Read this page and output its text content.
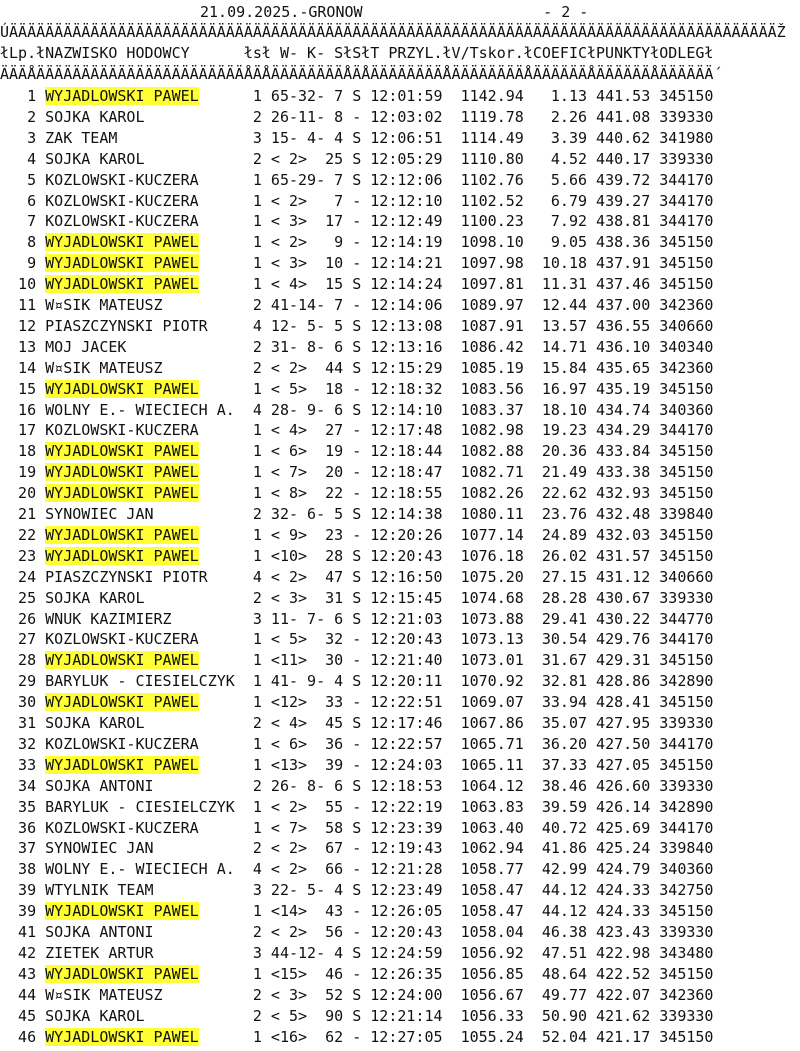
21.09.2025.-GRONOW                    - 2 -
ÚÄÄÄÄÄÄÄÄÄÄÄÄÄÄÄÄÄÄÄÄÄÄÄÄÄÄÄÄÄÄÄÄÄÄÄÄÄÄÄÄÄÄÄÄÄÄÄÄÄÄÄÄÄÄÄÄÄÄÄÄÄÄÄÄÄÄÄÄÄÄÄÄÄÄÄÄÄÄÄÄÄÄÄÄÄŽ
łLp.łNAZWISKO HODOWCY      łsł W- K- SłSłT PRZYL.łV/Tskor.łCOEFICłPUNKTYłODLEGł
ÄÄÄÅÄÄÄÄÄÄÄÄÄÄÄÄÄÄÄÄÄÄÄÄÄÄÄÅÄÅÄÄÄÄÄÄÄÄÅÄÅÄÄÄÄÄÄÄÄÅÄÄÄÄÄÄÄÄÅÄÄÄÄÄÄÅÄÄÄÄÄÄÅÄÄÄÄÄÄ´
1 WYJADLOWSKI PAWEL	1 65-32- 7 S 12:01:59  1142.94   1.13 441.53 345150
2 SOJKA KAROL	2 26-11- 8 - 12:03:02  1119.78   2.26 441.08 339330
3 ZAK TEAM	3 15- 4- 4 S 12:06:51  1114.49   3.39 440.62 341980
4 SOJKA KAROL	2 < 2>  25 S 12:05:29  1110.80   4.52 440.17 339330
5 KOZLOWSKI-KUCZERA	1 65-29- 7 S 12:12:06  1102.76   5.66 439.72 344170
6 KOZLOWSKI-KUCZERA	1 < 2>   7 - 12:12:10  1102.52   6.79 439.27 344170
7 KOZLOWSKI-KUCZERA	1 < 3>  17 - 12:12:49  1100.23   7.92 438.81 344170
8 WYJADLOWSKI PAWEL	1 < 2>   9 - 12:14:19  1098.10   9.05 438.36 345150
9 WYJADLOWSKI PAWEL	1 < 3>  10 - 12:14:21  1097.98  10.18 437.91 345150
10 WYJADLOWSKI PAWEL	1 < 4>  15 S 12:14:24  1097.81  11.31 437.46 345150
11 W¤SIK MATEUSZ	2 41-14- 7 - 12:14:06  1089.97  12.44 437.00 342360
12 PIASZCZYNSKI PIOTR	4 12- 5- 5 S 12:13:08  1087.91  13.57 436.55 340660
13 MOJ JACEK	2 31- 8- 6 S 12:13:16  1086.42  14.71 436.10 340340
14 W¤SIK MATEUSZ	2 < 2>  44 S 12:15:29  1085.19  15.84 435.65 342360
15 WYJADLOWSKI PAWEL	1 < 5>  18 - 12:18:32  1083.56  16.97 435.19 345150
16 WOLNY E.- WIECIECH A. 4 28- 9- 6 S 12:14:10  1083.37  18.10 434.74 340360
17 KOZLOWSKI-KUCZERA	1 < 4>  27 - 12:17:48  1082.98  19.23 434.29 344170
18 WYJADLOWSKI PAWEL	1 < 6>  19 - 12:18:44  1082.88  20.36 433.84 345150
19 WYJADLOWSKI PAWEL	1 < 7>  20 - 12:18:47  1082.71  21.49 433.38 345150
20 WYJADLOWSKI PAWEL	1 < 8>  22 - 12:18:55  1082.26  22.62 432.93 345150
21 SYNOWIEC JAN	2 32- 6- 5 S 12:14:38  1080.11  23.76 432.48 339840
22 WYJADLOWSKI PAWEL	1 < 9>  23 - 12:20:26  1077.14  24.89 432.03 345150
23 WYJADLOWSKI PAWEL	1 <10>  28 S 12:20:43  1076.18  26.02 431.57 345150
24 PIASZCZYNSKI PIOTR	4 < 2>  47 S 12:16:50  1075.20  27.15 431.12 340660
25 SOJKA KAROL	2 < 3>  31 S 12:15:45  1074.68  28.28 430.67 339330
26 WNUK KAZIMIERZ	3 11- 7- 6 S 12:21:03  1073.88  29.41 430.22 344770
27 KOZLOWSKI-KUCZERA	1 < 5>  32 - 12:20:43  1073.13  30.54 429.76 344170
28 WYJADLOWSKI PAWEL	1 <11>  30 - 12:21:40  1073.01  31.67 429.31 345150
29 BARYLUK - CIESIELCZYK 1 41- 9- 4 S 12:20:11  1070.92  32.81 428.86 342890
30 WYJADLOWSKI PAWEL	1 <12>  33 - 12:22:51  1069.07  33.94 428.41 345150
31 SOJKA KAROL	2 < 4>  45 S 12:17:46  1067.86  35.07 427.95 339330
32 KOZLOWSKI-KUCZERA	1 < 6>  36 - 12:22:57  1065.71  36.20 427.50 344170
33 WYJADLOWSKI PAWEL	1 <13>  39 - 12:24:03  1065.11  37.33 427.05 345150
34 SOJKA ANTONI	2 26- 8- 6 S 12:18:53  1064.12  38.46 426.60 339330
35 BARYLUK - CIESIELCZYK 1 < 2>  55 - 12:22:19  1063.83  39.59 426.14 342890
36 KOZLOWSKI-KUCZERA	1 < 7>  58 S 12:23:39  1063.40  40.72 425.69 344170
37 SYNOWIEC JAN	2 < 2>  67 - 12:19:43  1062.94  41.86 425.24 339840
38 WOLNY E.- WIECIECH A. 4 < 2>  66 - 12:21:28  1058.77  42.99 424.79 340360
39 WTYLNIK TEAM	3 22- 5- 4 S 12:23:49  1058.47  44.12 424.33 342750
39 WYJADLOWSKI PAWEL	1 <14>  43 - 12:26:05  1058.47  44.12 424.33 345150
41 SOJKA ANTONI	2 < 2>  56 - 12:20:43  1058.04  46.38 423.43 339330
42 ZIETEK ARTUR	3 44-12- 4 S 12:24:59  1056.92  47.51 422.98 343480
43 WYJADLOWSKI PAWEL	1 <15>  46 - 12:26:35  1056.85  48.64 422.52 345150
44 W¤SIK MATEUSZ	2 < 3>  52 S 12:24:00  1056.67  49.77 422.07 342360
45 SOJKA KAROL	2 < 5>  90 S 12:21:14  1056.33  50.90 421.62 339330
46 WYJADLOWSKI PAWEL	1 <16>  62 - 12:27:05  1055.24  52.04 421.17 345150
